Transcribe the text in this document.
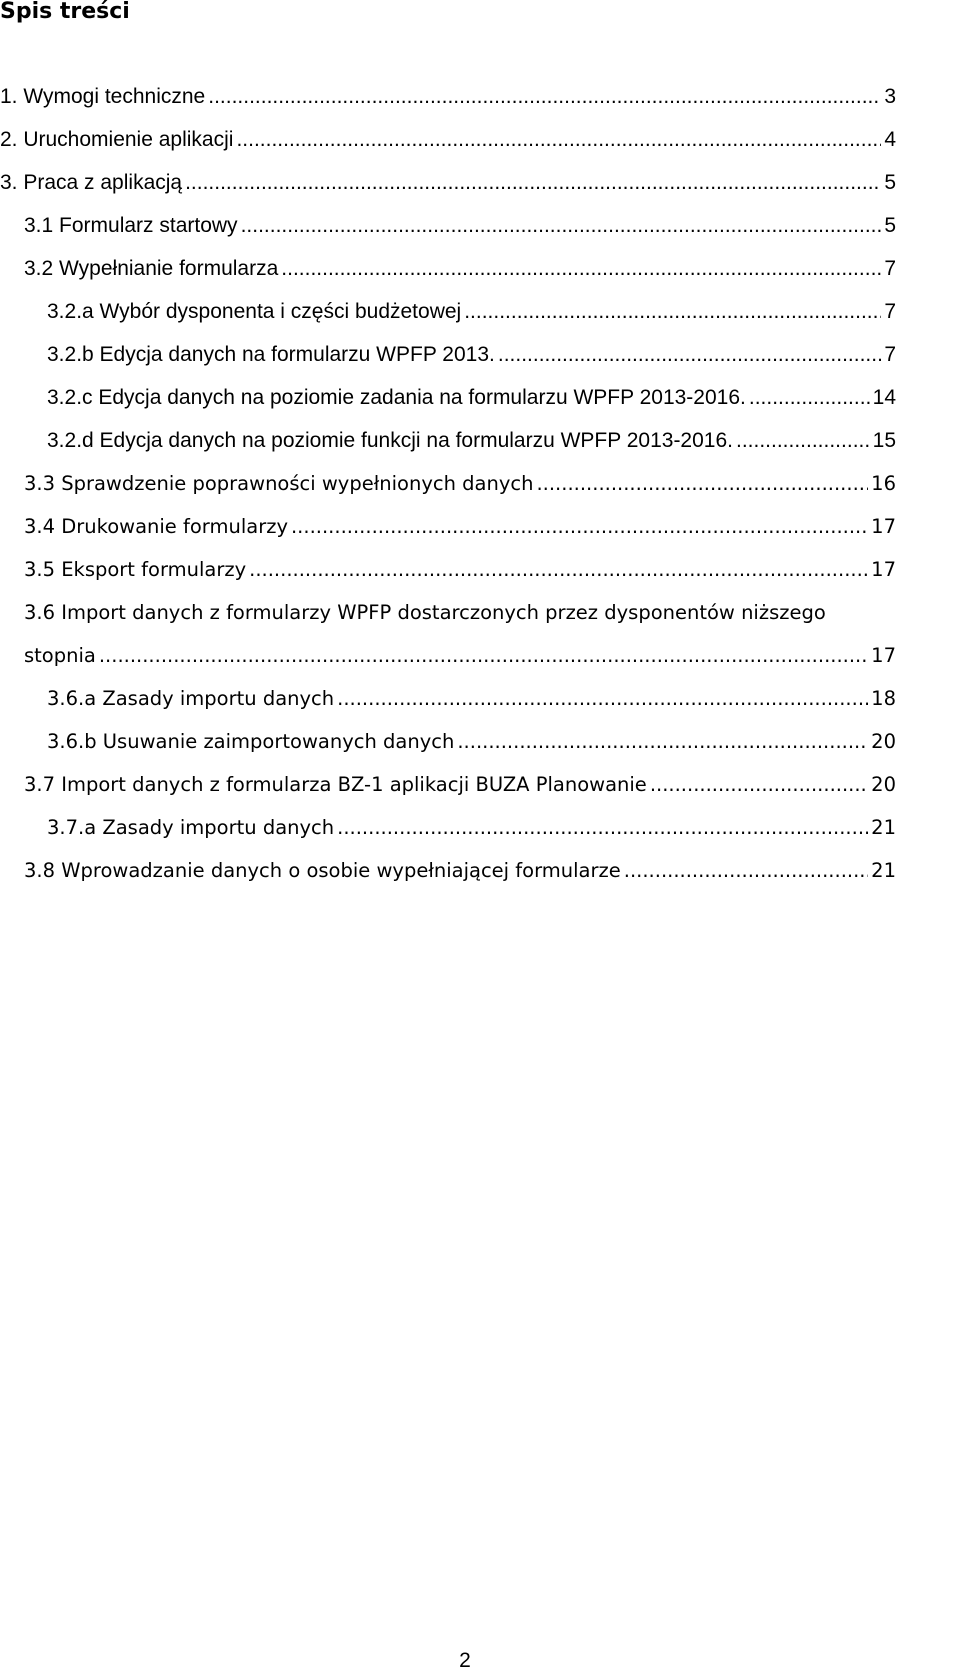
Spis treści
1. Wymogi techniczne .....	3
2. Uruchomienie aplikacji .....	4
3. Praca z aplikacją .....	5
3.1 Formularz startowy .....	5
3.2 Wypełnianie formularza .....	7
3.2.a Wybór dysponenta i części budżetowej .....	7
3.2.b Edycja danych na formularzu WPFP 2013. .....	7
3.2.c Edycja danych na poziomie zadania na formularzu WPFP 2013-2016. .....	14
3.2.d Edycja danych na poziomie funkcji na formularzu WPFP 2013-2016. .....	15
3.3 Sprawdzenie poprawności wypełnionych danych .....	16
3.4 Drukowanie formularzy .....	17
3.5 Eksport formularzy .....	17
3.6 Import danych z formularzy WPFP dostarczonych przez dysponentów niższego
stopnia .....	17
3.6.a Zasady importu danych .....	18
3.6.b Usuwanie zaimportowanych danych .....	20
3.7 Import danych z formularza BZ-1 aplikacji BUZA Planowanie .....	20
3.7.a Zasady importu danych .....	21
3.8 Wprowadzanie danych o osobie wypełniającej formularze .....	21
2
